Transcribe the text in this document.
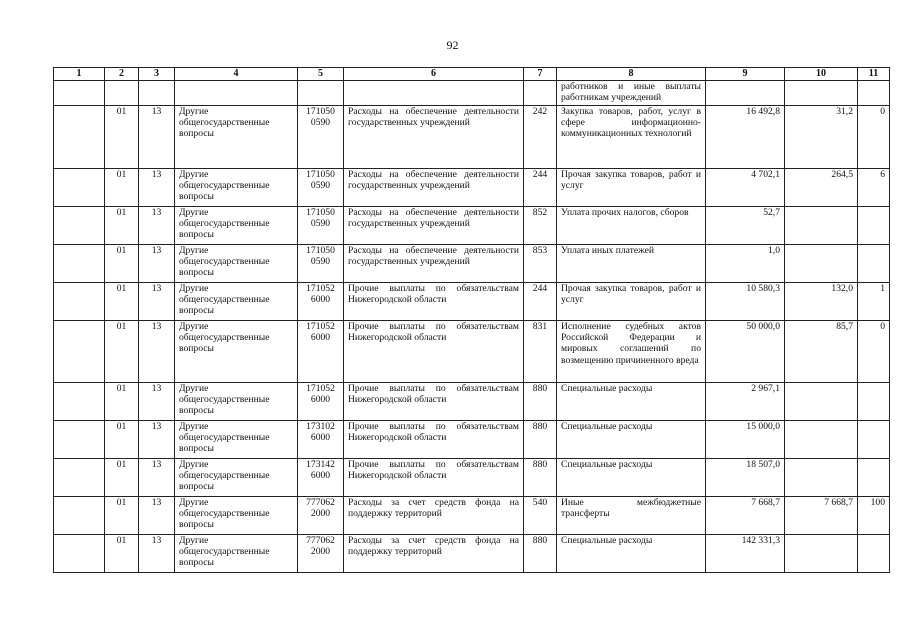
92
1	2	3	4	5	6	7	8	9	10	11
							работников и иные выплаты работникам учреждений			
	01	13	Другие общегосударственные вопросы	171050 0590	Расходы на обеспечение деятельности государственных учреждений	242	Закупка товаров, работ, услуг в сфере информационно-коммуникационных технологий	16 492,8	31,2	0
	01	13	Другие общегосударственные вопросы	171050 0590	Расходы на обеспечение деятельности государственных учреждений	244	Прочая закупка товаров, работ и услуг	4 702,1	264,5	6
	01	13	Другие общегосударственные вопросы	171050 0590	Расходы на обеспечение деятельности государственных учреждений	852	Уплата прочих налогов, сборов	52,7		
	01	13	Другие общегосударственные вопросы	171050 0590	Расходы на обеспечение деятельности государственных учреждений	853	Уплата иных платежей	1,0		
	01	13	Другие общегосударственные вопросы	171052 6000	Прочие выплаты по обязательствам Нижегородской области	244	Прочая закупка товаров, работ и услуг	10 580,3	132,0	1
	01	13	Другие общегосударственные вопросы	171052 6000	Прочие выплаты по обязательствам Нижегородской области	831	Исполнение судебных актов Российской Федерации и мировых соглашений по возмещению причиненного вреда	50 000,0	85,7	0
	01	13	Другие общегосударственные вопросы	171052 6000	Прочие выплаты по обязательствам Нижегородской области	880	Специальные расходы	2 967,1		
	01	13	Другие общегосударственные вопросы	173102 6000	Прочие выплаты по обязательствам Нижегородской области	880	Специальные расходы	15 000,0		
	01	13	Другие общегосударственные вопросы	173142 6000	Прочие выплаты по обязательствам Нижегородской области	880	Специальные расходы	18 507,0		
	01	13	Другие общегосударственные вопросы	777062 2000	Расходы за счет средств фонда на поддержку территорий	540	Иные межбюджетные трансферты	7 668,7	7 668,7	100
	01	13	Другие общегосударственные вопросы	777062 2000	Расходы за счет средств фонда на поддержку территорий	880	Специальные расходы	142 331,3		
